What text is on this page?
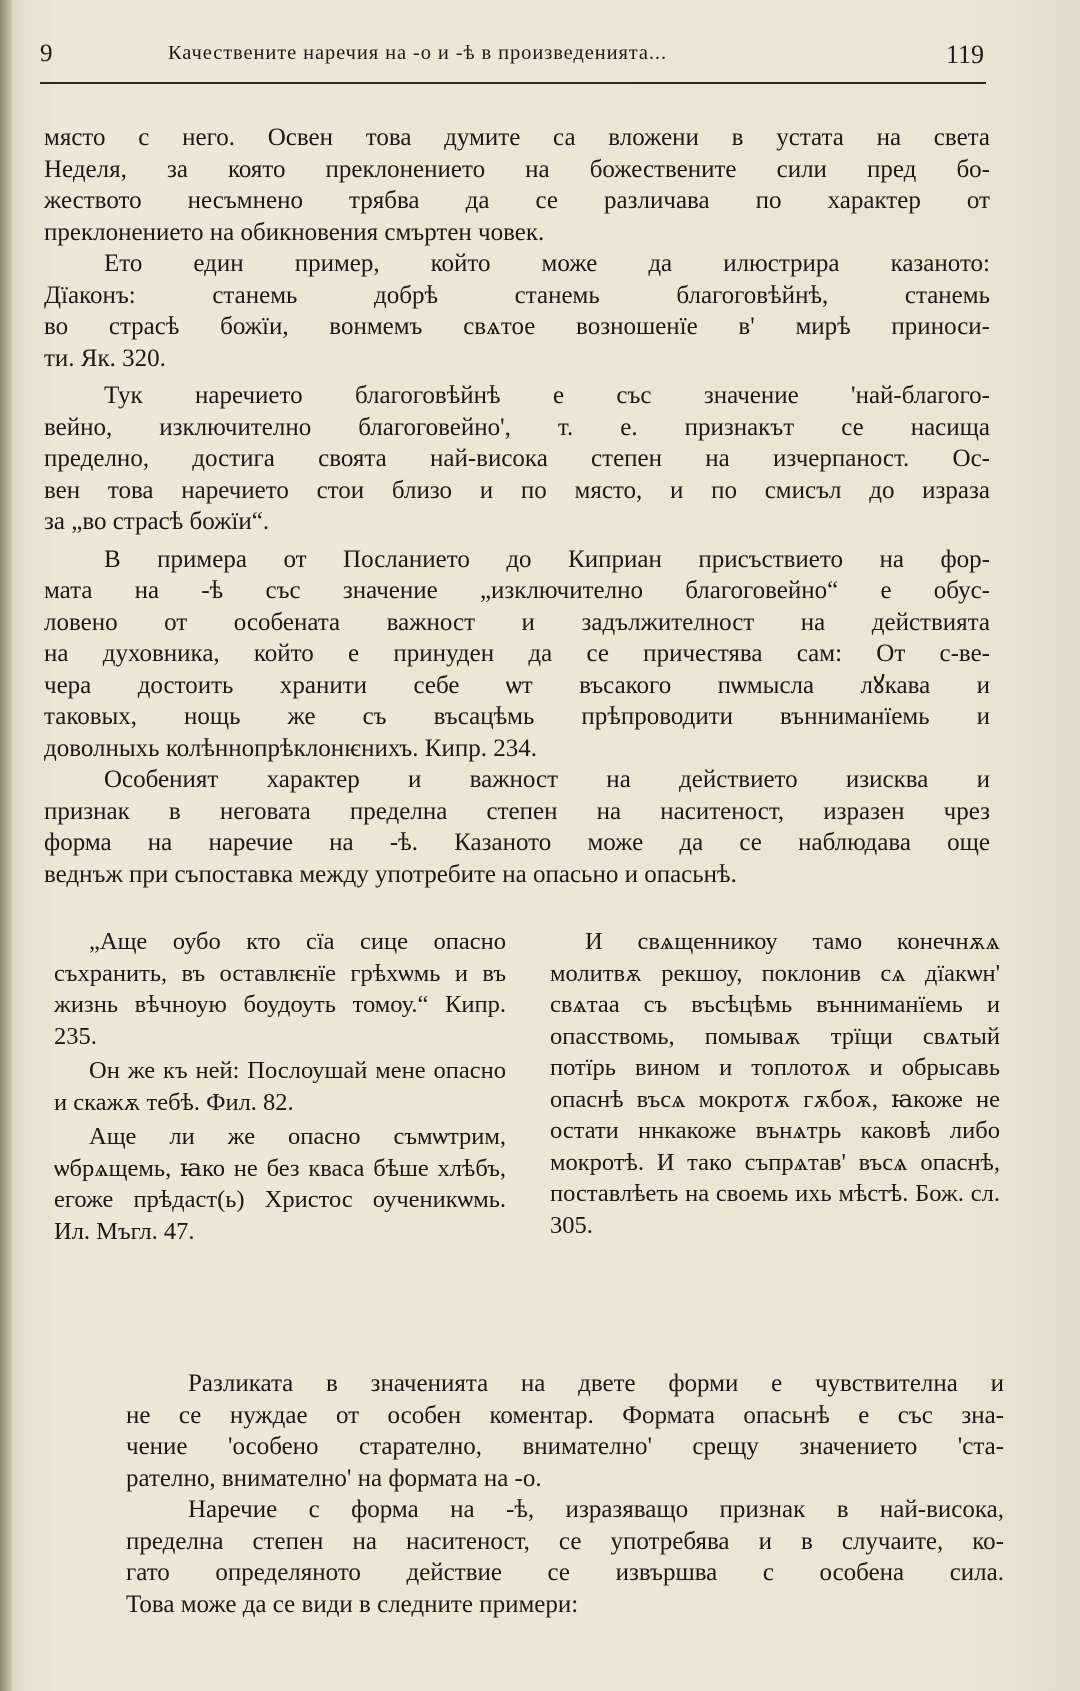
9	Качествените наречия на -о и -ѣ в произведенията...	119

място с него. Освен това думите са вложени в устата на света
Неделя, за която преклонението на божествените сили пред бо-
жеството несъмнено трябва да се различава по характер от
преклонението на обикновения смъртен човек.

Ето един пример, който може да илюстрира казаното:
Дїаконъ: станемь добрѣ станемь благоговѣйнѣ, станемь
во страсѣ божїи, вонмемъ свѧтое возношенїе в' мирѣ приноси-
ти. Як. 320.

Тук наречието благоговѣйнѣ е със значение 'най-благого-
вейно, изключително благоговейно', т. е. признакът се насища
пределно, достига своята най-висока степен на изчерпаност. Ос-
вен това наречието стои близо и по място, и по смисъл до израза
за „во страсѣ божїи“.

В примера от Посланието до Киприан присъствието на фор-
мата на -ѣ със значение „изключително благоговейно“ е обус-
ловено от особената важност и задължителност на действията
на духовника, който е принуден да се причестява сам: От с-ве-
чера достоить хранити себе ѡт въсакого пѡмысла лꙋкава и
таковых, нощь же съ въсацѣмь прѣпроводити вънниманїемь и
доволныхь колѣннопрѣклонѥнихъ. Кипр. 234.

Особеният характер и важност на действието изисква и
признак в неговата пределна степен на наситеност, изразен чрез
форма на наречие на -ѣ. Казаното може да се наблюдава още
веднъж при съпоставка между употребите на опасьно и опасьнѣ.

„Аще оубо кто сїа сице опасно съхранить, въ оставлѥнїе грѣхѡмь и въ жизнь вѣчноую боудоуть томоу.“ Кипр. 235.

Он же къ ней: Послоушай мене опасно и скажѫ тебѣ. Фил. 82.

Аще ли же опасно съмѡтрим, ѡбрѧщемь, ꙗко не без кваса бѣше хлѣбъ, егоже прѣдаст(ь) Христос оученикѡмь. Ил. Мъгл. 47.

И свѧщенникоу тамо конечнѫѧ молитвѫ рекшоу, поклонив сѧ дїакѡн' свѧтаа съ въсѣцѣмь вънниманїемь и опасствомь, помываѫ трїщи свѧтый потїрь вином и топлотоѫ и обрысавь опаснѣ въсѧ мокротѫ гѫбоѫ, ꙗкоже не остати ннкакоже вънѧтрь каковѣ либо мокротѣ. И тако съпрѧтав' въсѧ опаснѣ, поставлѣеть на своемь ихь мѣстѣ. Бож. сл. 305.

Разликата в значенията на двете форми е чувствителна и
не се нуждае от особен коментар. Формата опасьнѣ е със зна-
чение 'особено старателно, внимателно' срещу значението 'ста-
рателно, внимателно' на формата на -о.

Наречие с форма на -ѣ, изразяващо признак в най-висока,
пределна степен на наситеност, се употребява и в случаите, ко-
гато определяното действие се извършва с особена сила.
Това може да се види в следните примери:
